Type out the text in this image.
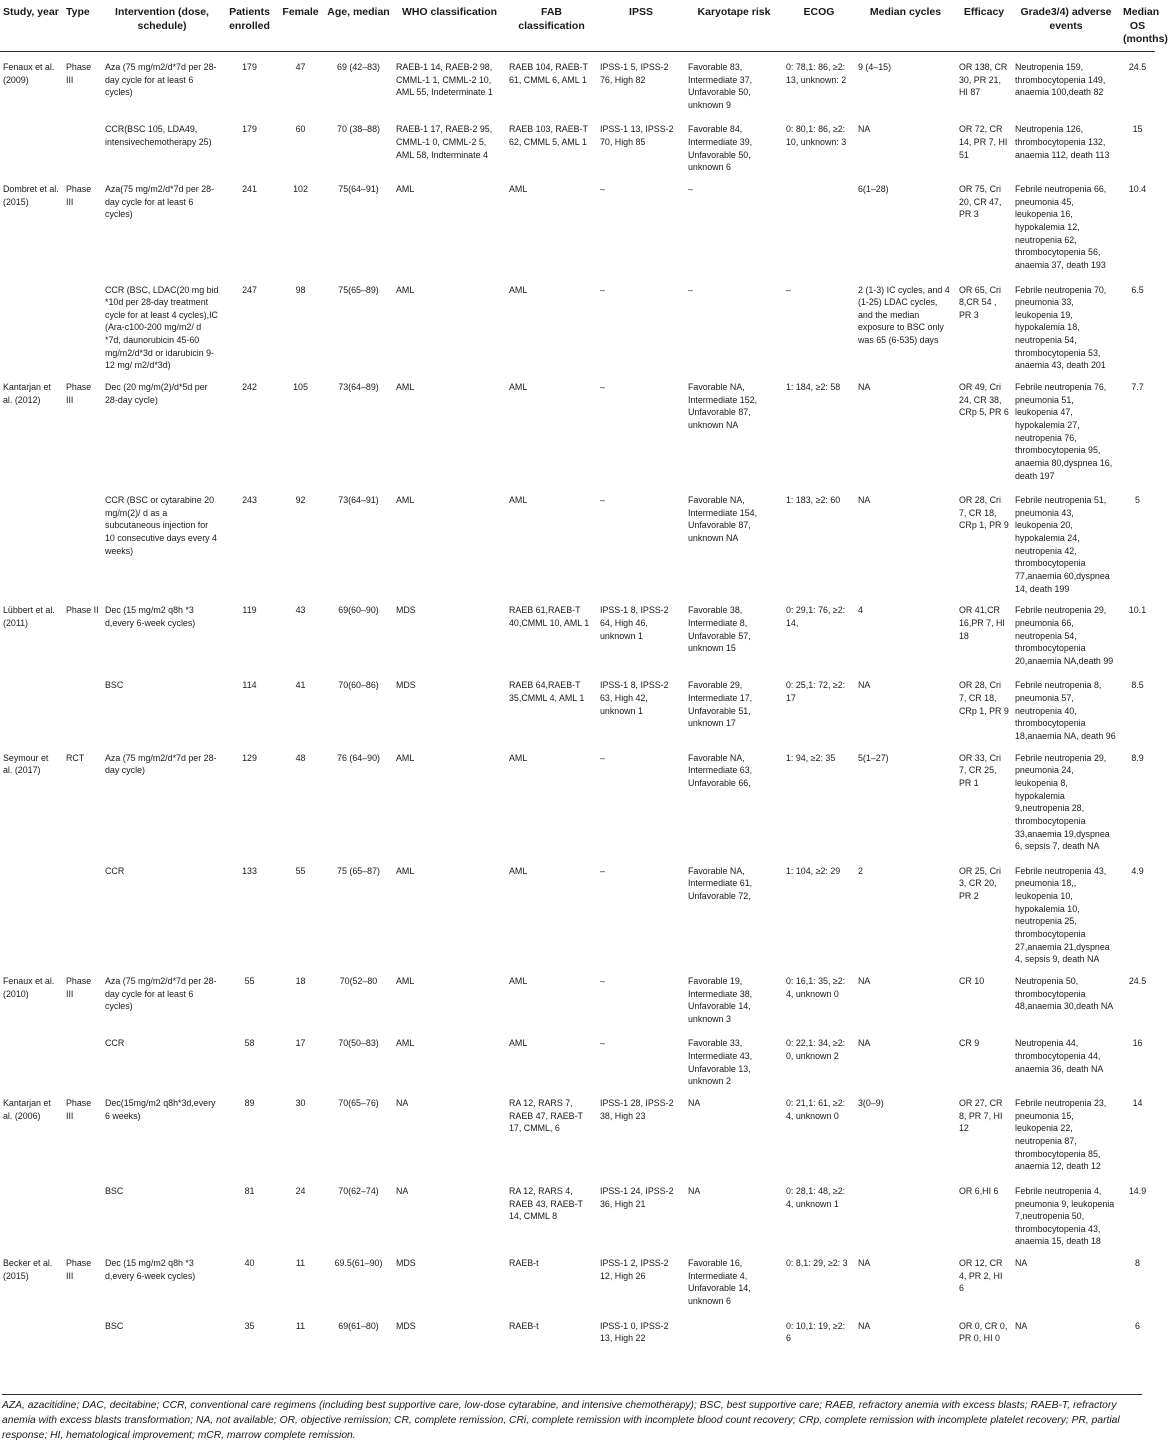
Study, year	Type	Intervention (dose, schedule)	Patients enrolled	Female	Age, median	WHO classification	FAB classification	IPSS	Karyotape risk	ECOG	Median cycles	Efficacy	Grade3/4) adverse events	Median OS (months)
Fenaux et al. (2009)	Phase III	Aza (75 mg/m2/d*7d per 28-day cycle for at least 6 cycles)	179	47	69 (42–83)	RAEB-1 14, RAEB-2 98, CMML-1 1, CMML-2 10, AML 55, Indeterminate 1	RAEB 104, RAEB-T 61, CMML 6, AML 1	IPSS-1 5, IPSS-2 76, High 82	Favorable 83, Intermediate 37, Unfavorable 50, unknown 9	0: 78,1: 86, ≥2: 13, unknown: 2	9 (4–15)	OR 138, CR 30, PR 21, HI 87	Neutropenia 159, thrombocytopenia 149, anaemia 100,death 82	24.5
		CCR(BSC 105, LDA49, intensivechemotherapy 25)	179	60	70 (38–88)	RAEB-1 17, RAEB-2 95, CMML-1 0, CMML-2 5, AML 58, Indterminate 4	RAEB 103, RAEB-T 62, CMML 5, AML 1	IPSS-1 13, IPSS-2 70, High 85	Favorable 84, Intermediate 39, Unfavorable 50, unknown 6	0: 80,1: 86, ≥2: 10, unknown: 3	NA	OR 72, CR 14, PR 7, HI 51	Neutropenia 126, thrombocytopenia 132, anaemia 112, death 113	15
Dombret et al. (2015)	Phase III	Aza(75 mg/m2/d*7d per 28-day cycle for at least 6 cycles)	241	102	75(64–91)	AML	AML	–	–		6(1–28)	OR 75, Cri 20, CR 47, PR 3	Febrile neutropenia 66, pneumonia 45, leukopenia 16, hypokalemia 12, neutropenia 62, thrombocytopenia 56, anaemia 37, death 193	10.4
		CCR (BSC, LDAC(20 mg bid *10d per 28-day treatment cycle for at least 4 cycles),IC (Ara-c100-200 mg/m2/ d *7d, daunorubicin 45-60 mg/m2/d*3d or idarubicin 9-12 mg/ m2/d*3d)	247	98	75(65–89)	AML	AML	–	–	–	2 (1-3) IC cycles, and 4 (1-25) LDAC cycles, and the median exposure to BSC only was 65 (6-535) days	OR 65, Cri 8,CR 54 , PR 3	Febrile neutropenia 70, pneumonia 33, leukopenia 19, hypokalemia 18, neutropenia 54, thrombocytopenia 53, anaemia 43, death 201	6.5
Kantarjan et al. (2012)	Phase III	Dec (20 mg/m(2)/d*5d per 28-day cycle)	242	105	73(64–89)	AML	AML	–	Favorable NA, Intermediate 152, Unfavorable 87, unknown NA	1: 184, ≥2: 58	NA	OR 49, Cri 24, CR 38, CRp 5, PR 6	Febrile neutropenia 76, pneumonia 51, leukopenia 47, hypokalemia 27, neutropenia 76, thrombocytopenia 95, anaemia 80,dyspnea 16, death 197	7.7
		CCR (BSC or cytarabine 20 mg/m(2)/ d as a subcutaneous injection for 10 consecutive days every 4 weeks)	243	92	73(64–91)	AML	AML	–	Favorable NA, Intermediate 154, Unfavorable 87, unknown NA	1: 183, ≥2: 60	NA	OR 28, Cri 7, CR 18, CRp 1, PR 9	Febrile neutropenia 51, pneumonia 43, leukopenia 20, hypokalemia 24, neutropenia 42, thrombocytopenia 77,anaemia 60,dyspnea 14, death 199	5
Lübbert et al. (2011)	Phase II	Dec (15 mg/m2 q8h *3 d,every 6-week cycles)	119	43	69(60–90)	MDS	RAEB 61,RAEB-T 40,CMML 10, AML 1	IPSS-1 8, IPSS-2 64, High 46, unknown 1	Favorable 38, Intermediate 8, Unfavorable 57, unknown 15	0: 29,1: 76, ≥2: 14,	4	OR 41,CR 16,PR 7, HI 18	Febrile neutropenia 29, pneumonia 66, neutropenia 54, thrombocytopenia 20,anaemia NA,death 99	10.1
		BSC	114	41	70(60–86)	MDS	RAEB 64,RAEB-T 35,CMML 4, AML 1	IPSS-1 8, IPSS-2 63, High 42, unknown 1	Favorable 29, Intermediate 17, Unfavorable 51, unknown 17	0: 25,1: 72, ≥2: 17	NA	OR 28, Cri 7, CR 18, CRp 1, PR 9	Febrile neutropenia 8, pneumonia 57, neutropenia 40, thrombocytopenia 18,anaemia NA, death 96	8.5
Seymour et al. (2017)	RCT	Aza (75 mg/m2/d*7d per 28-day cycle)	129	48	76 (64–90)	AML	AML	–	Favorable NA, Intermediate 63, Unfavorable 66,	1: 94, ≥2: 35	5(1–27)	OR 33, Cri 7, CR 25, PR 1	Febrile neutropenia 29, pneumonia 24, leukopenia 8, hypokalemia 9,neutropenia 28, thrombocytopenia 33,anaemia 19,dyspnea 6, sepsis 7, death NA	8.9
		CCR	133	55	75 (65–87)	AML	AML	–	Favorable NA, Intermediate 61, Unfavorable 72,	1: 104, ≥2: 29	2	OR 25, Cri 3, CR 20, PR 2	Febrile neutropenia 43, pneumonia 18,, leukopenia 10, hypokalemia 10, neutropenia 25, thrombocytopenia 27,anaemia 21,dyspnea 4, sepsis 9, death NA	4.9
Fenaux et al. (2010)	Phase III	Aza (75 mg/m2/d*7d per 28-day cycle for at least 6 cycles)	55	18	70(52–80	AML	AML	–	Favorable 19, Intermediate 38, Unfavorable 14, unknown 3	0: 16,1: 35, ≥2: 4, unknown 0	NA	CR 10	Neutropenia 50, thrombocytopenia 48,anaemia 30,death NA	24.5
		CCR	58	17	70(50–83)	AML	AML	–	Favorable 33, Intermediate 43, Unfavorable 13, unknown 2	0: 22,1: 34, ≥2: 0, unknown 2	NA	CR 9	Neutropenia 44, thrombocytopenia 44, anaemia 36, death NA	16
Kantarjan et al. (2006)	Phase III	Dec(15mg/m2 q8h*3d,every 6 weeks)	89	30	70(65–76)	NA	RA 12, RARS 7, RAEB 47, RAEB-T 17, CMML, 6	IPSS-1 28, IPSS-2 38, High 23	NA	0: 21,1: 61, ≥2: 4, unknown 0	3(0–9)	OR 27, CR 8, PR 7, HI 12	Febrile neutropenia 23, pneumonia 15, leukopenia 22, neutropenia 87, thrombocytopenia 85, anaemia 12, death 12	14
		BSC	81	24	70(62–74)	NA	RA 12, RARS 4, RAEB 43, RAEB-T 14, CMML 8	IPSS-1 24, IPSS-2 36, High 21	NA	0: 28,1: 48, ≥2: 4, unknown 1		OR 6,HI 6	Febrile neutropenia 4, pneumonia 9, leukopenia 7,neutropenia 50, thrombocytopenia 43, anaemia 15, death 18	14.9
Becker et al. (2015)	Phase III	Dec (15 mg/m2 q8h *3 d,every 6-week cycles)	40	11	69.5(61–90)	MDS	RAEB-t	IPSS-1 2, IPSS-2 12, High 26	Favorable 16, Intermediate 4, Unfavorable 14, unknown 6	0: 8,1: 29, ≥2: 3	NA	OR 12, CR 4, PR 2, HI 6	NA	8
		BSC	35	11	69(61–80)	MDS	RAEB-t	IPSS-1 0, IPSS-2 13, High 22		0: 10,1: 19, ≥2: 6	NA	OR 0, CR 0, PR 0, HI 0	NA	6
AZA, azacitidine; DAC, decitabine; CCR, conventional care regimens (including best supportive care, low-dose cytarabine, and intensive chemotherapy); BSC, best supportive care; RAEB, refractory anemia with excess blasts; RAEB-T, refractory anemia with excess blasts transformation; NA, not available; OR, objective remission; CR, complete remission, CRi, complete remission with incomplete blood count recovery; CRp, complete remission with incomplete platelet recovery; PR, partial response; HI, hematological improvement; mCR, marrow complete remission.
